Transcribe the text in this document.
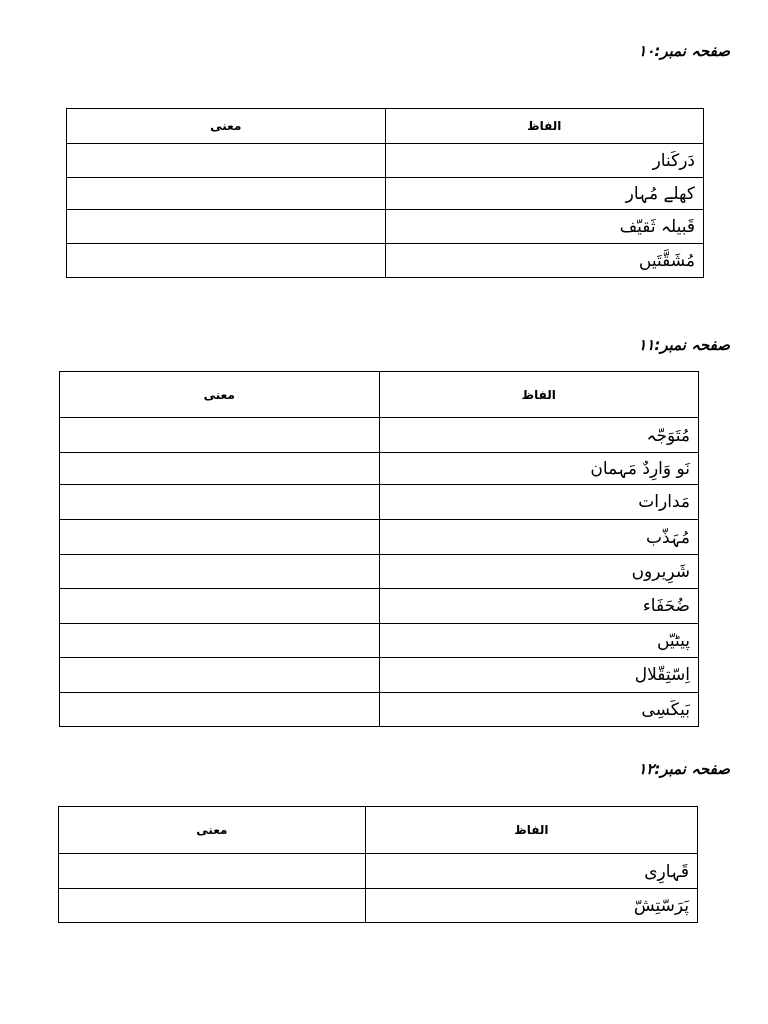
صفحہ نمبر:۱۰
الفاظ	معنی
دَرکَنار	
کھلے مُہار	
قَبیلہ ثَقیّف	
مُشَقَّتَیں	
صفحہ نمبر:۱۱
الفاظ	معنی
مُتَوَجّہ	
نَو وَارِدٌ مَہمان	
مَدارات	
مُہَذّب	
شَرِیروں	
ضُحَفَاء	
پیٹیّں	
اِسّتِقّلال	
بَیکَسِی	
صفحہ نمبر:۱۲
الفاظ	معنی
قَہارِی	
پَرَسّتِشّ	
